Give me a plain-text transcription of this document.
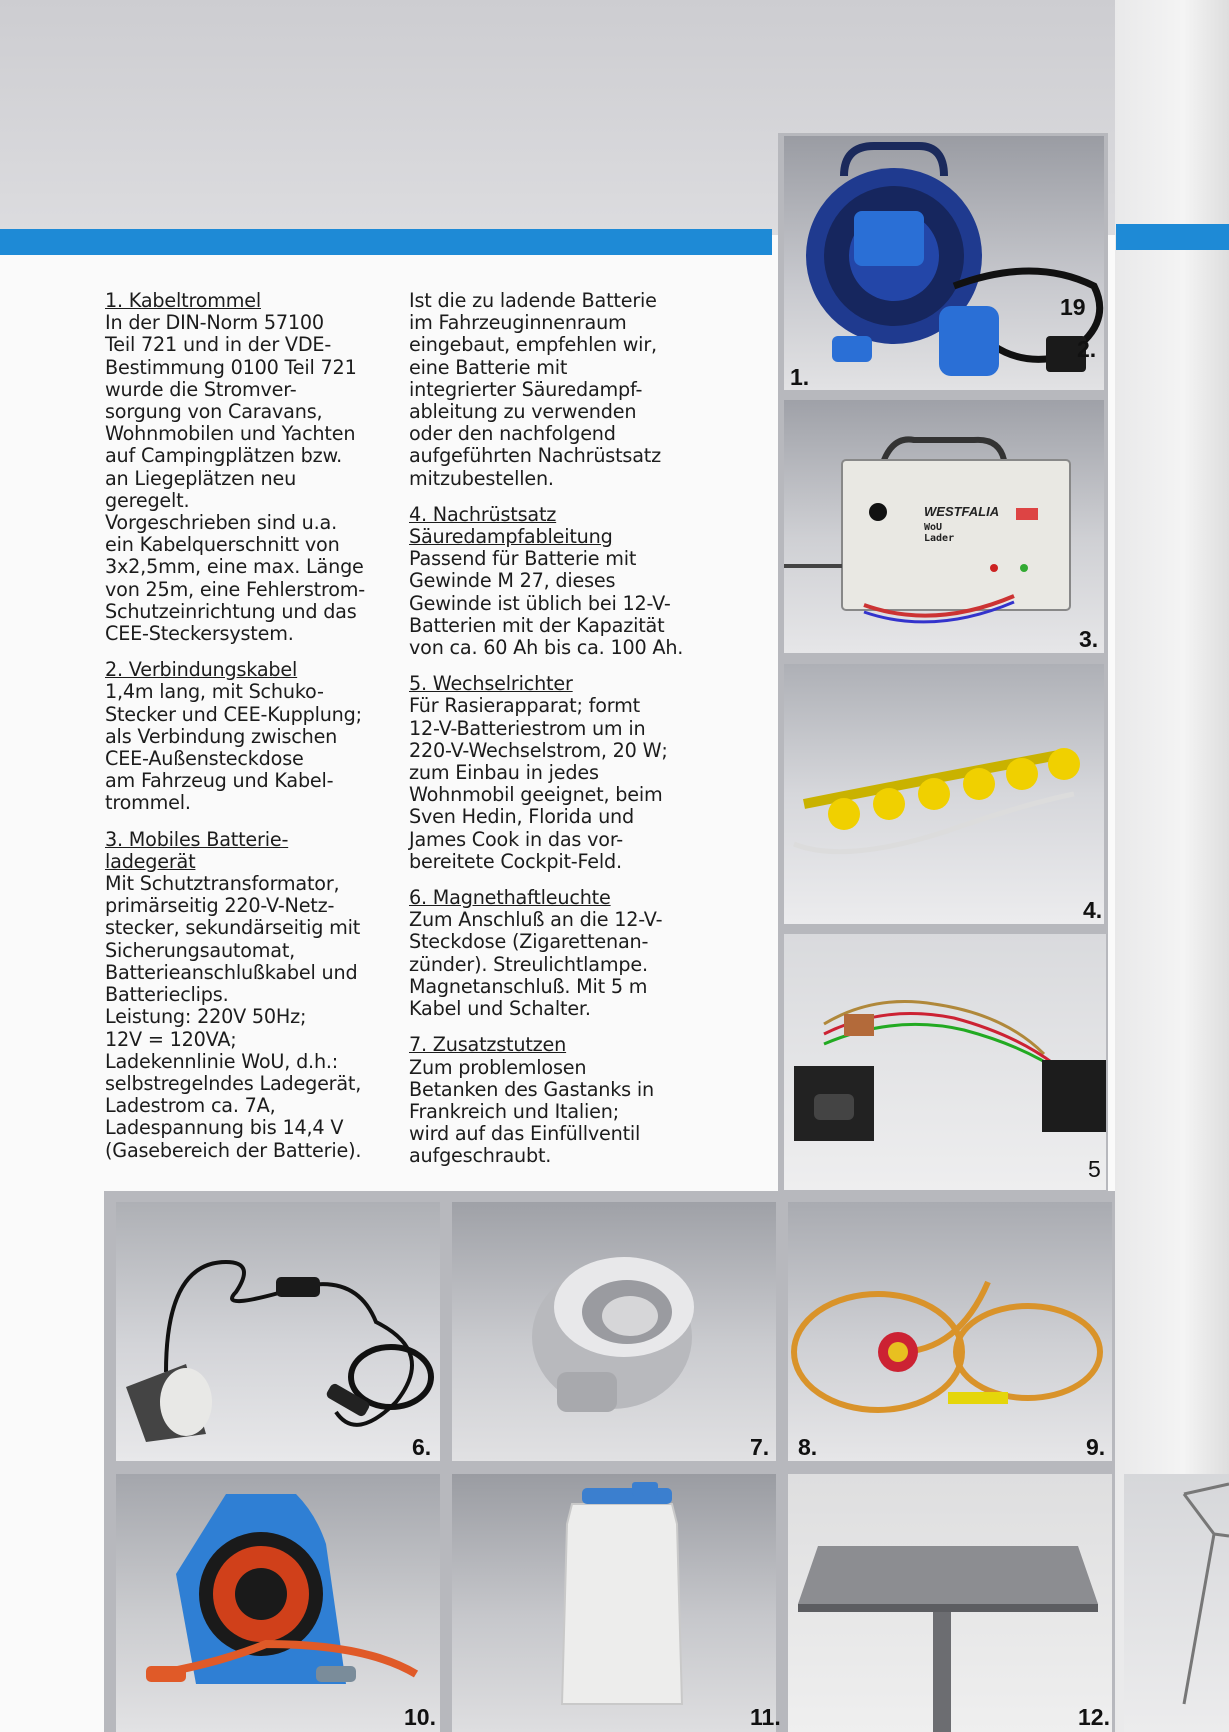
1. Kabeltrommel
In der DIN-Norm 57100
Teil 721 und in der VDE-
Bestimmung 0100 Teil 721
wurde die Stromver-
sorgung von Caravans,
Wohnmobilen und Yachten
auf Campingplätzen bzw.
an Liegeplätzen neu
geregelt.
Vorgeschrieben sind u.a.
ein Kabelquerschnitt von
3x2,5mm, eine max. Länge
von 25m, eine Fehlerstrom-
Schutzeinrichtung und das
CEE-Steckersystem.

2. Verbindungskabel
1,4m lang, mit Schuko-
Stecker und CEE-Kupplung;
als Verbindung zwischen
CEE-Außensteckdose
am Fahrzeug und Kabel-
trommel.

3. Mobiles Batterie-
ladegerät
Mit Schutztransformator,
primärseitig 220-V-Netz-
stecker, sekundärseitig mit
Sicherungsautomat,
Batterieanschlußkabel und
Batterieclips.
Leistung: 220V 50Hz;
12V = 120VA;
Ladekennlinie WoU, d.h.:
selbstregelndes Ladegerät,
Ladestrom ca. 7A,
Ladespannung bis 14,4 V
(Gasebereich der Batterie).

Ist die zu ladende Batterie
im Fahrzeuginnenraum
eingebaut, empfehlen wir,
eine Batterie mit
integrierter Säuredampf-
ableitung zu verwenden
oder den nachfolgend
aufgeführten Nachrüstsatz
mitzubestellen.

4. Nachrüstsatz
Säuredampfableitung
Passend für Batterie mit
Gewinde M 27, dieses
Gewinde ist üblich bei 12-V-
Batterien mit der Kapazität
von ca. 60 Ah bis ca. 100 Ah.

5. Wechselrichter
Für Rasierapparat; formt
12-V-Batteriestrom um in
220-V-Wechselstrom, 20 W;
zum Einbau in jedes
Wohnmobil geeignet, beim
Sven Hedin, Florida und
James Cook in das vor-
bereitete Cockpit-Feld.

6. Magnethaftleuchte
Zum Anschluß an die 12-V-
Steckdose (Zigarettenan-
zünder). Streulichtlampe.
Magnetanschluß. Mit 5 m
Kabel und Schalter.

7. Zusatzstutzen
Zum problemlosen
Betanken des Gastanks in
Frankreich und Italien;
wird auf das Einfüllventil
aufgeschraubt.

1.
19
2.
WESTFALIA
WoU
Lader
3.
4.
5
6.	7. 8.	9.
10.	11.	12.
